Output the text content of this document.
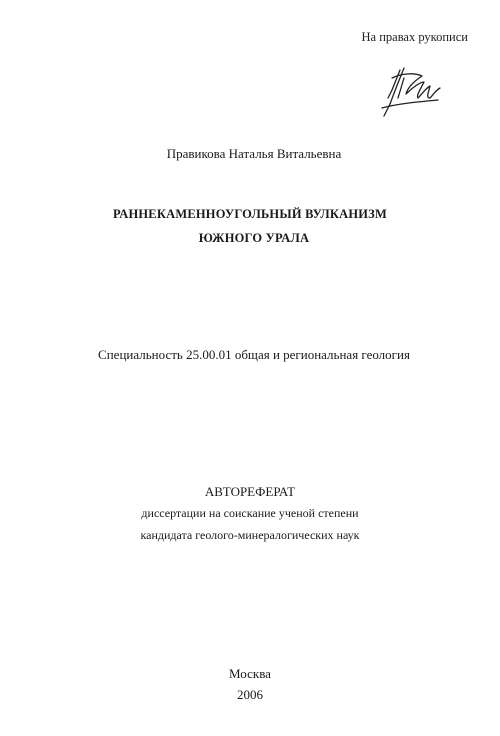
На правах рукописи
Правикова Наталья Витальевна
РАННЕКАМЕННОУГОЛЬНЫЙ ВУЛКАНИЗМ
ЮЖНОГО УРАЛА
Специальность 25.00.01 общая и региональная геология
АВТОРЕФЕРАТ
диссертации на соискание ученой степени
кандидата геолого-минералогических наук
Москва
2006
